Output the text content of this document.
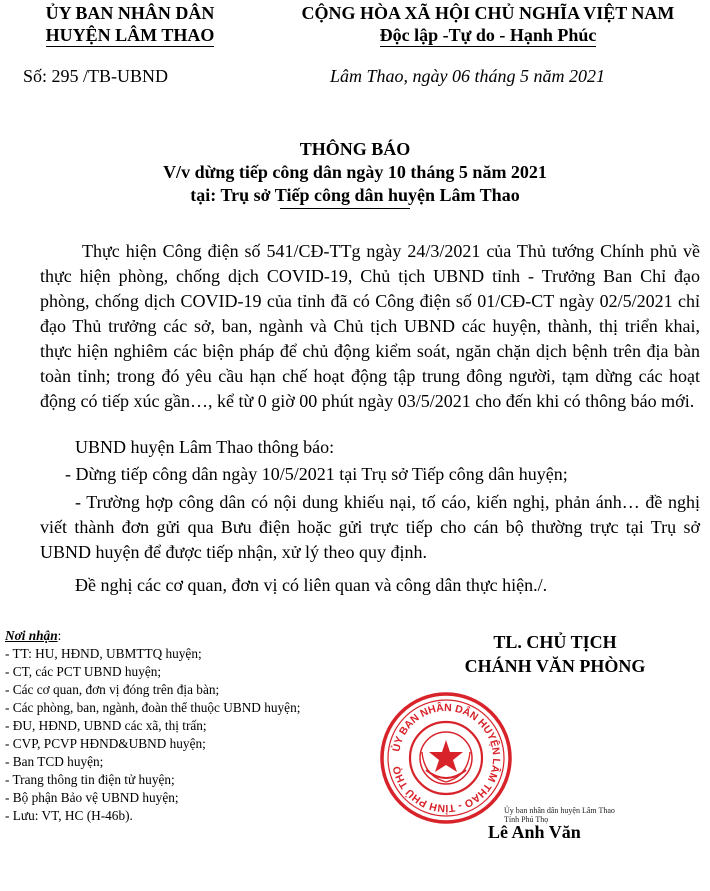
ỦY BAN NHÂN DÂN
HUYỆN LÂM THAO
CỘNG HÒA XÃ HỘI CHỦ NGHĨA VIỆT NAM
Độc lập -Tự do - Hạnh Phúc
Số: 295 /TB-UBND	Lâm Thao, ngày 06 tháng 5 năm 2021
THÔNG BÁO
V/v dừng tiếp công dân ngày 10 tháng 5 năm 2021
tại: Trụ sở Tiếp công dân huyện Lâm Thao
Thực hiện Công điện số 541/CĐ-TTg ngày 24/3/2021 của Thủ tướng Chính phủ về thực hiện phòng, chống dịch COVID-19, Chủ tịch UBND tỉnh - Trưởng Ban Chỉ đạo phòng, chống dịch COVID-19 của tỉnh đã có Công điện số 01/CĐ-CT ngày 02/5/2021 chỉ đạo Thủ trưởng các sở, ban, ngành và Chủ tịch UBND các huyện, thành, thị triển khai, thực hiện nghiêm các biện pháp để chủ động kiểm soát, ngăn chặn dịch bệnh trên địa bàn toàn tỉnh; trong đó yêu cầu hạn chế hoạt động tập trung đông người, tạm dừng các hoạt động có tiếp xúc gần…, kể từ 0 giờ 00 phút ngày 03/5/2021 cho đến khi có thông báo mới.
UBND huyện Lâm Thao thông báo:
- Dừng tiếp công dân ngày 10/5/2021 tại Trụ sở Tiếp công dân huyện;
- Trường hợp công dân có nội dung khiếu nại, tố cáo, kiến nghị, phản ánh… đề nghị viết thành đơn gửi qua Bưu điện hoặc gửi trực tiếp cho cán bộ thường trực tại Trụ sở UBND huyện để được tiếp nhận, xử lý theo quy định.
Đề nghị các cơ quan, đơn vị có liên quan và công dân thực hiện./.
Nơi nhận:
- TT: HU, HĐND, UBMTTQ huyện;
- CT, các PCT UBND huyện;
- Các cơ quan, đơn vị đóng trên địa bàn;
- Các phòng, ban, ngành, đoàn thể thuộc UBND huyện;
- ĐU, HĐND, UBND các xã, thị trấn;
- CVP, PCVP HĐND&UBND huyện;
- Ban TCD huyện;
- Trang thông tin điện tử huyện;
- Bộ phận Bảo vệ UBND huyện;
- Lưu: VT, HC (H-46b).
TL. CHỦ TỊCH
CHÁNH VĂN PHÒNG
ỦY BAN NHÂN DÂN HUYỆN LÂM THAO - TỈNH PHÚ THỌ
Ủy ban nhân dân huyện Lâm Thao
Tỉnh Phú Thọ
Lê Anh Văn
